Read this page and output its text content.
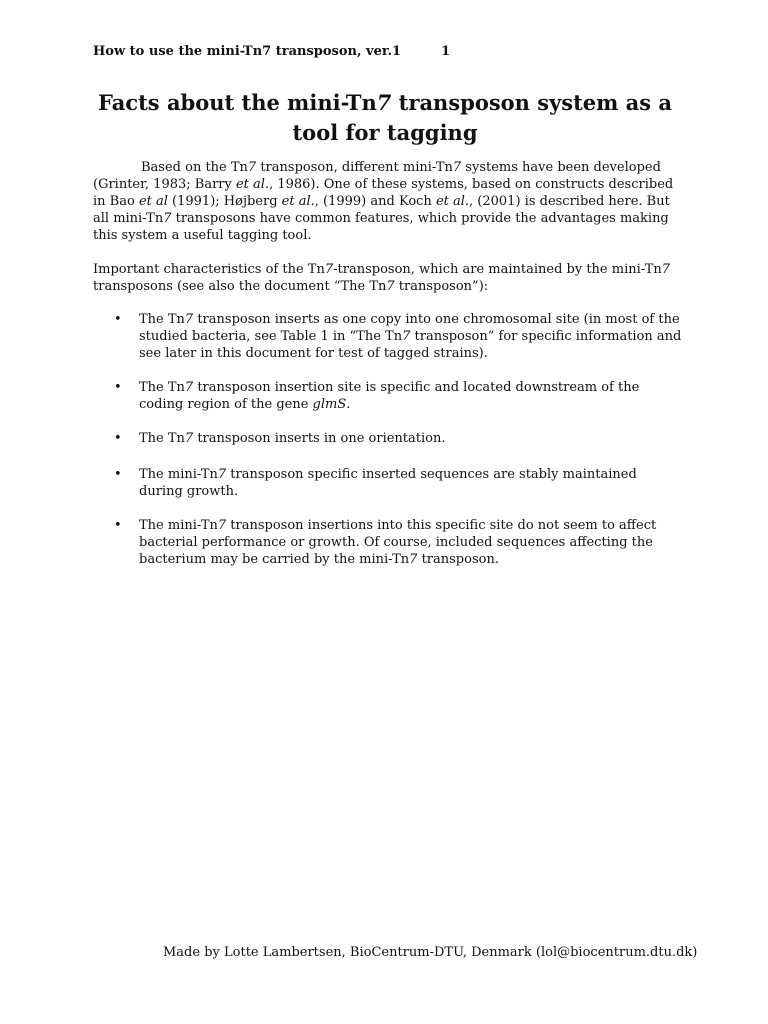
How to use the mini-Tn7 transposon, ver.1	1
Facts about the mini-Tn7 transposon system as a
tool for tagging

Based on the Tn7 transposon, different mini-Tn7 systems have been developed (Grinter, 1983; Barry et al., 1986). One of these systems, based on constructs described in Bao et al (1991); Højberg et al., (1999) and Koch et al., (2001) is described here. But all mini-Tn7 transposons have common features, which provide the advantages making this system a useful tagging tool.

Important characteristics of the Tn7-transposon, which are maintained by the mini-Tn7 transposons (see also the document “The Tn7 transposon”):

• The Tn7 transposon inserts as one copy into one chromosomal site (in most of the studied bacteria, see Table 1 in “The Tn7 transposon” for specific information and see later in this document for test of tagged strains).
• The Tn7 transposon insertion site is specific and located downstream of the coding region of the gene glmS.
• The Tn7 transposon inserts in one orientation.
• The mini-Tn7 transposon specific inserted sequences are stably maintained during growth.
• The mini-Tn7 transposon insertions into this specific site do not seem to affect bacterial performance or growth. Of course, included sequences affecting the bacterium may be carried by the mini-Tn7 transposon.
Made by Lotte Lambertsen, BioCentrum-DTU, Denmark (lol@biocentrum.dtu.dk)
